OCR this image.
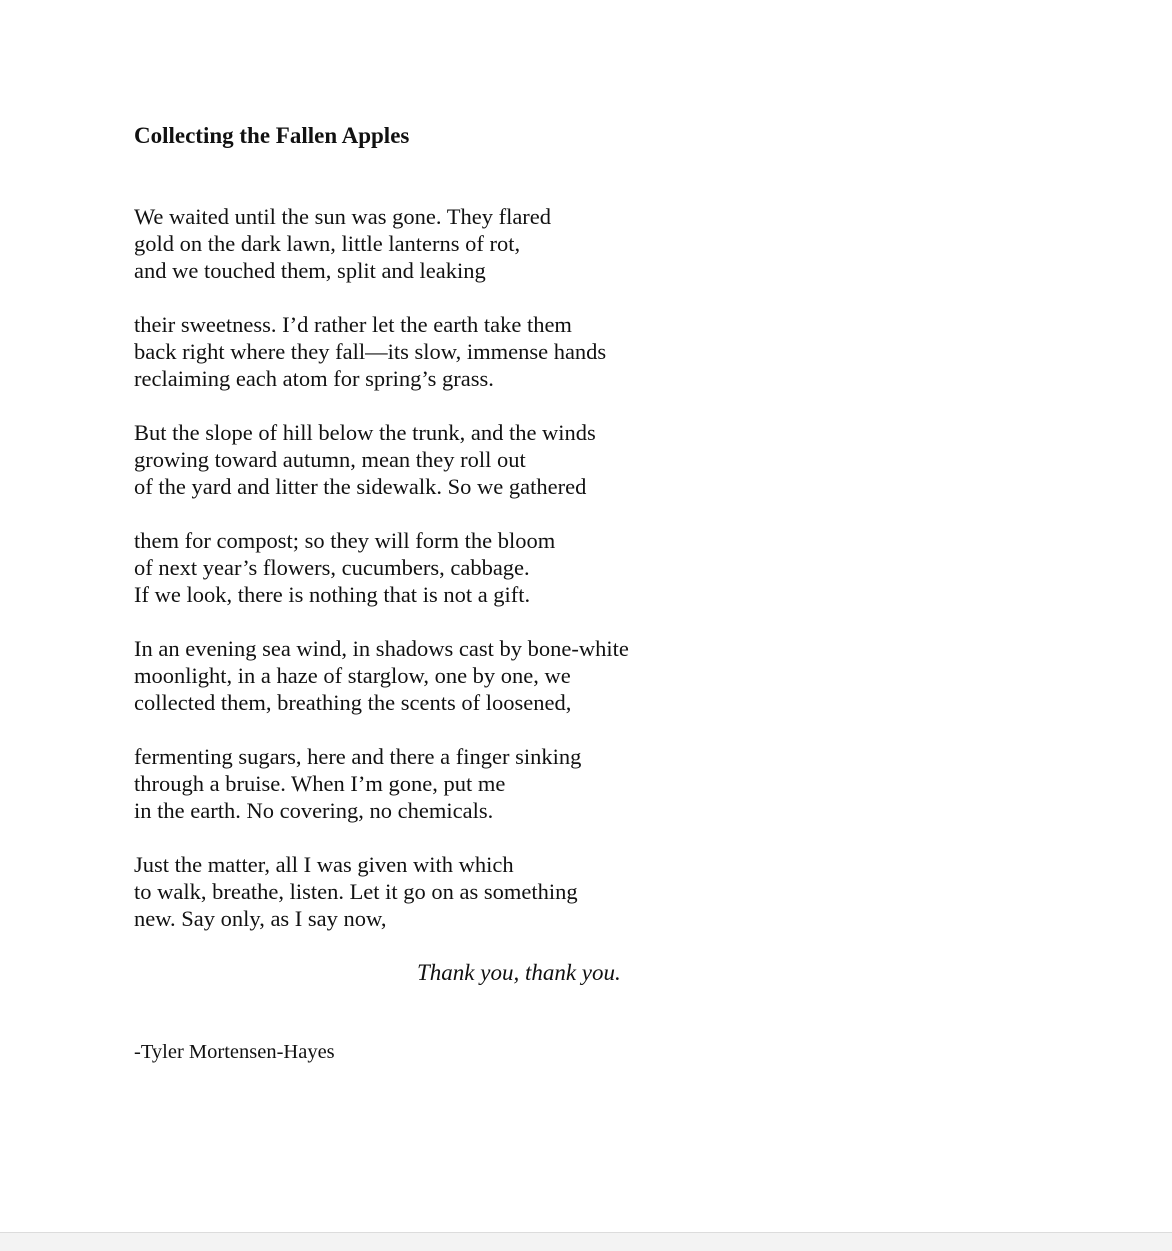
Collecting the Fallen Apples
We waited until the sun was gone. They flared
gold on the dark lawn, little lanterns of rot,
and we touched them, split and leaking
their sweetness. I’d rather let the earth take them
back right where they fall—its slow, immense hands
reclaiming each atom for spring’s grass.
But the slope of hill below the trunk, and the winds
growing toward autumn, mean they roll out
of the yard and litter the sidewalk. So we gathered
them for compost; so they will form the bloom
of next year’s flowers, cucumbers, cabbage.
If we look, there is nothing that is not a gift.
In an evening sea wind, in shadows cast by bone-white
moonlight, in a haze of starglow, one by one, we
collected them, breathing the scents of loosened,
fermenting sugars, here and there a finger sinking
through a bruise. When I’m gone, put me
in the earth. No covering, no chemicals.
Just the matter, all I was given with which
to walk, breathe, listen. Let it go on as something
new. Say only, as I say now,
Thank you, thank you.
-Tyler Mortensen-Hayes
